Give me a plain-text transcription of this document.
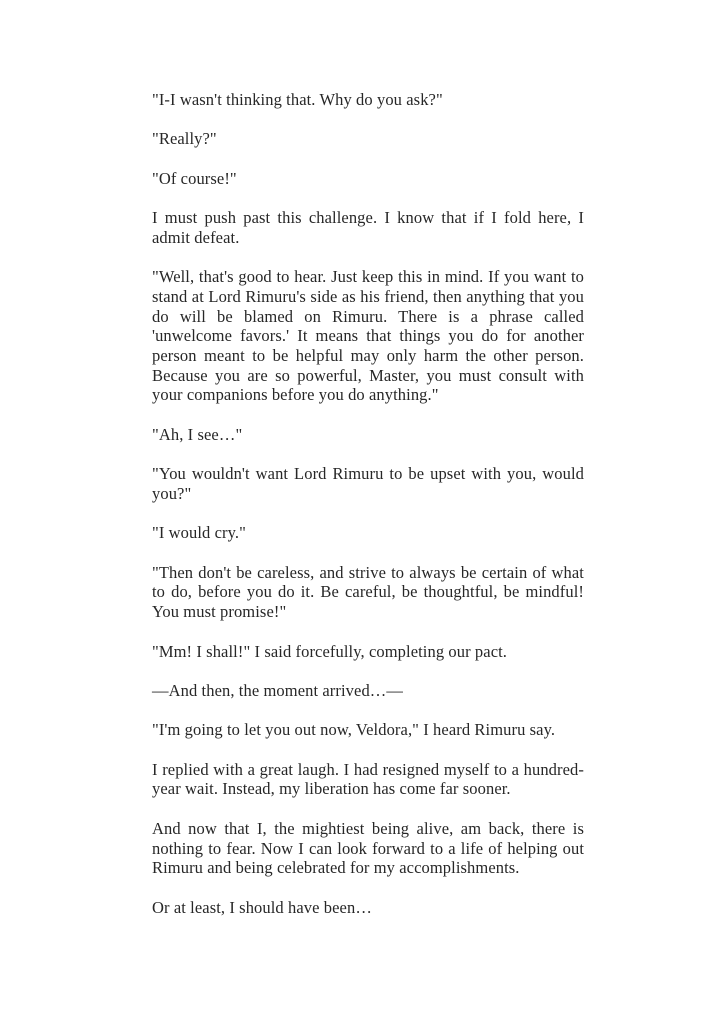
"I-I wasn't thinking that. Why do you ask?"

"Really?"

"Of course!"

I must push past this challenge. I know that if I fold here, I admit defeat.

"Well, that's good to hear. Just keep this in mind. If you want to stand at Lord Rimuru's side as his friend, then anything that you do will be blamed on Rimuru. There is a phrase called 'unwelcome favors.' It means that things you do for another person meant to be helpful may only harm the other person. Because you are so powerful, Master, you must consult with your companions before you do anything."

"Ah, I see…"

"You wouldn't want Lord Rimuru to be upset with you, would you?"

"I would cry."

"Then don't be careless, and strive to always be certain of what to do, before you do it. Be careful, be thoughtful, be mindful! You must promise!"

"Mm! I shall!" I said forcefully, completing our pact.

—And then, the moment arrived…—

"I'm going to let you out now, Veldora," I heard Rimuru say.

I replied with a great laugh. I had resigned myself to a hundred-year wait. Instead, my liberation has come far sooner.

And now that I, the mightiest being alive, am back, there is nothing to fear. Now I can look forward to a life of helping out Rimuru and being celebrated for my accomplishments.

Or at least, I should have been…
